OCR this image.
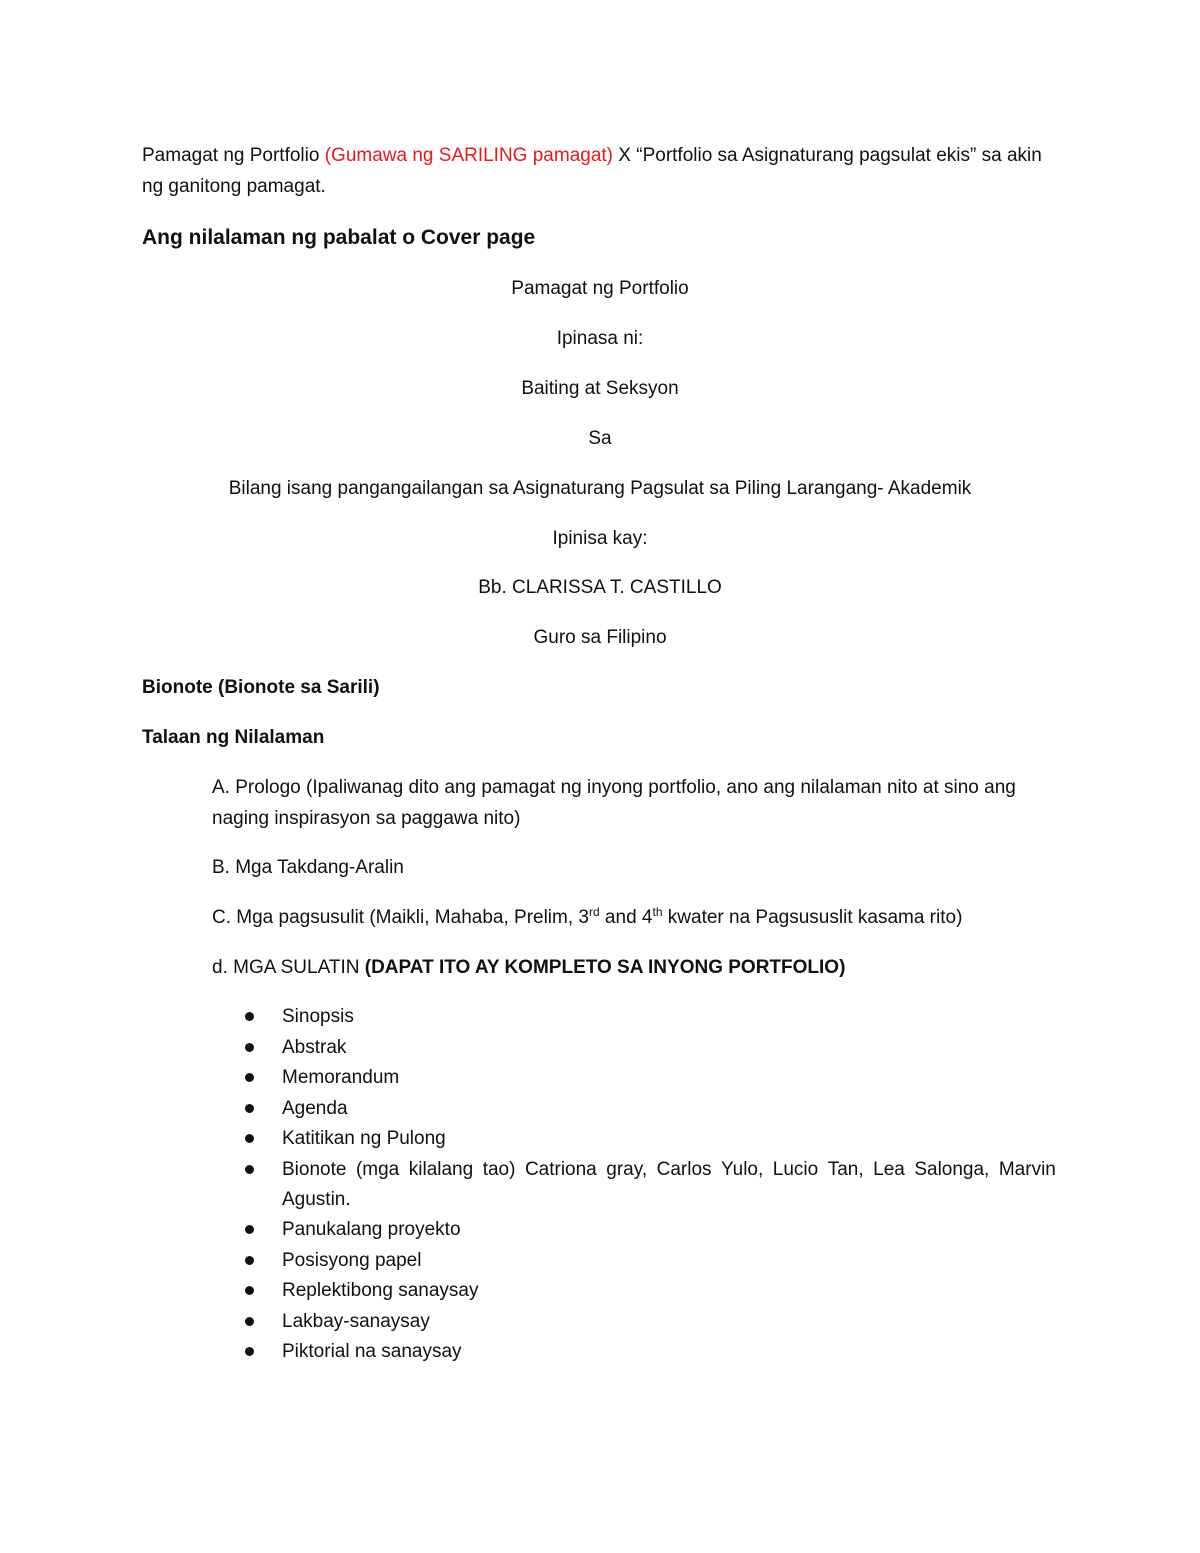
Pamagat ng Portfolio (Gumawa ng SARILING pamagat) X “Portfolio sa Asignaturang pagsulat ekis” sa akin
ng ganitong pamagat.
Ang nilalaman ng pabalat o Cover page
Pamagat ng Portfolio
Ipinasa ni:
Baiting at Seksyon
Sa
Bilang isang pangangailangan sa Asignaturang Pagsulat sa Piling Larangang- Akademik
Ipinisa kay:
Bb. CLARISSA T. CASTILLO
Guro sa Filipino
Bionote (Bionote sa Sarili)
Talaan ng Nilalaman
A. Prologo (Ipaliwanag dito ang pamagat ng inyong portfolio, ano ang nilalaman nito at sino ang
naging inspirasyon sa paggawa nito)
B. Mga Takdang-Aralin
C. Mga pagsusulit (Maikli, Mahaba, Prelim, 3rd and 4th kwater na Pagsususlit kasama rito)
d. MGA SULATIN (DAPAT ITO AY KOMPLETO SA INYONG PORTFOLIO)
Sinopsis
Abstrak
Memorandum
Agenda
Katitikan ng Pulong
Bionote (mga kilalang tao) Catriona gray, Carlos Yulo, Lucio Tan, Lea Salonga, Marvin
Agustin.
Panukalang proyekto
Posisyong papel
Replektibong sanaysay
Lakbay-sanaysay
Piktorial na sanaysay
